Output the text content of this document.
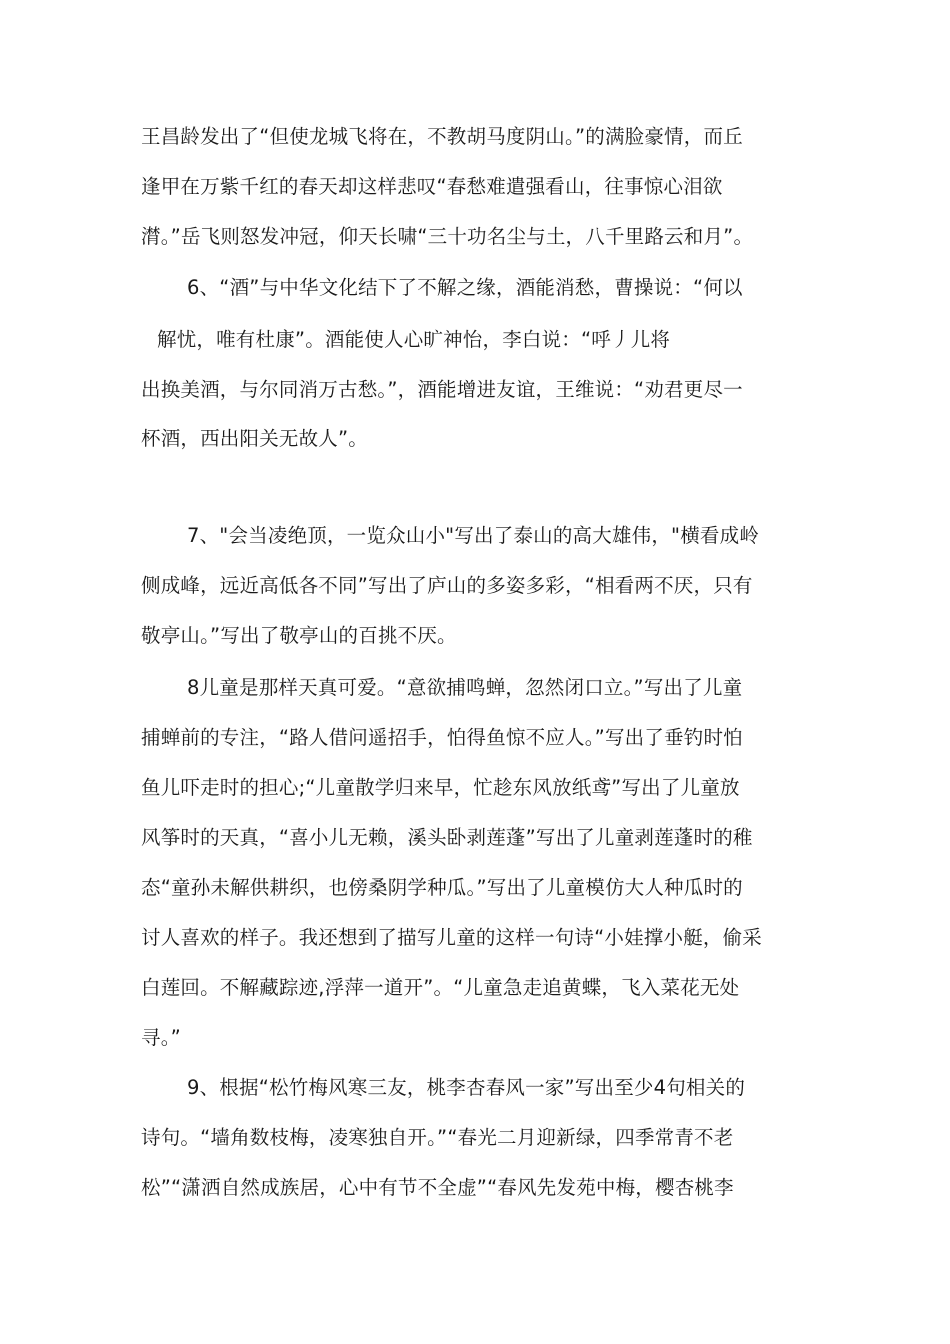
王昌龄发出了“但使龙城飞将在，不教胡马度阴山。”的满脸豪情，而丘
逢甲在万紫千红的春天却这样悲叹“春愁难遣强看山，往事惊心泪欲
潸。”岳飞则怒发冲冠，仰天长啸“三十功名尘与土，八千里路云和月”。
6、“酒”与中华文化结下了不解之缘，酒能消愁，曹操说：“何以
解忧，唯有杜康”。酒能使人心旷神怡，李白说：“呼丿儿将
出换美酒，与尔同消万古愁。”，酒能增进友谊，王维说：“劝君更尽一
杯酒，西出阳关无故人”。
7、"会当凌绝顶，一览众山小"写出了泰山的高大雄伟，"横看成岭
侧成峰，远近高低各不同”写出了庐山的多姿多彩，“相看两不厌，只有
敬亭山。”写出了敬亭山的百挑不厌。
8儿童是那样天真可爱。“意欲捕鸣蝉，忽然闭口立。”写出了儿童
捕蝉前的专注，“路人借问遥招手，怕得鱼惊不应人。”写出了垂钓时怕
鱼儿吓走时的担心;“儿童散学归来早，忙趁东风放纸鸢”写出了儿童放
风筝时的天真，“喜小儿无赖，溪头卧剥莲蓬”写出了儿童剥莲蓬时的稚
态“童孙未解供耕织，也傍桑阴学种瓜。”写出了儿童模仿大人种瓜时的
讨人喜欢的样子。我还想到了描写儿童的这样一句诗“小娃撑小艇，偷采
白莲回。不解藏踪迹,浮萍一道开”。“儿童急走追黄蝶，飞入菜花无处
寻。”
9、根据“松竹梅风寒三友，桃李杏春风一家”写出至少4句相关的
诗句。“墙角数枝梅，凌寒独自开。”“春光二月迎新绿，四季常青不老
松”“潇洒自然成族居，心中有节不全虚”“春风先发苑中梅，樱杏桃李
